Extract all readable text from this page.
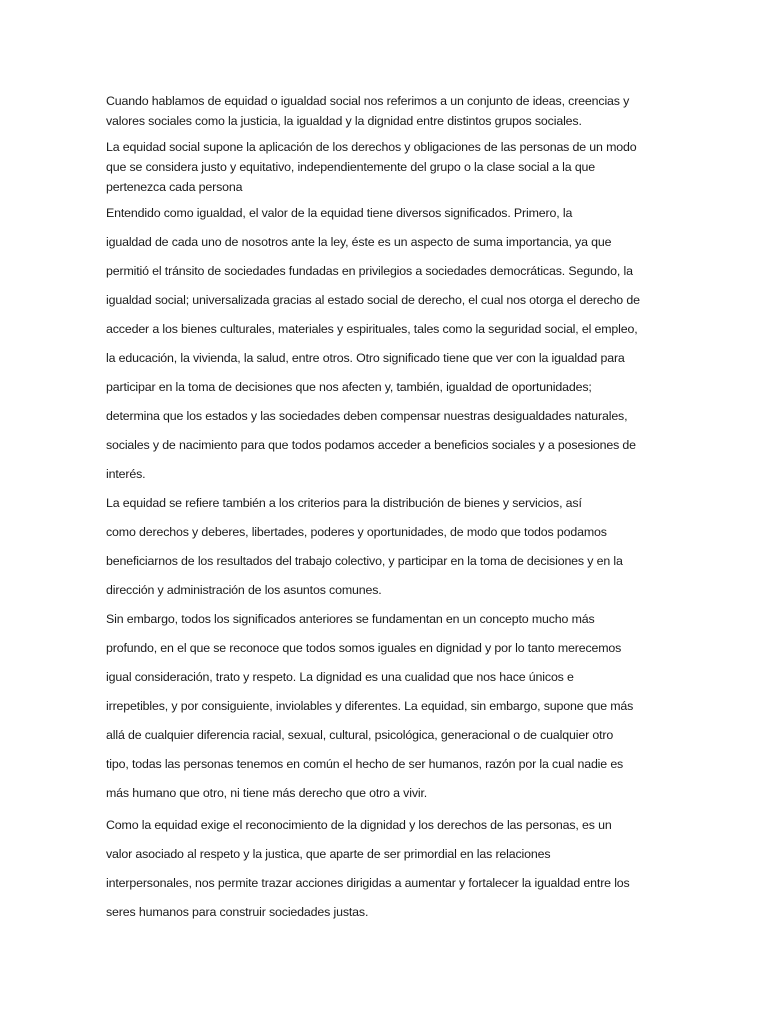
Cuando hablamos de equidad o igualdad social nos referimos a un conjunto de ideas, creencias y
valores sociales como la justicia, la igualdad y la dignidad entre distintos grupos sociales.
La equidad social supone la aplicación de los derechos y obligaciones de las personas de un modo
que se considera justo y equitativo, independientemente del grupo o la clase social a la que
pertenezca cada persona
Entendido como igualdad, el valor de la equidad tiene diversos significados. Primero, la
igualdad de cada uno de nosotros ante la ley, éste es un aspecto de suma importancia, ya que
permitió el tránsito de sociedades fundadas en privilegios a sociedades democráticas. Segundo, la
igualdad social; universalizada gracias al estado social de derecho, el cual nos otorga el derecho de
acceder a los bienes culturales, materiales y espirituales, tales como la seguridad social, el empleo,
la educación, la vivienda, la salud, entre otros. Otro significado tiene que ver con la igualdad para
participar en la toma de decisiones que nos afecten y, también, igualdad de oportunidades;
determina que los estados y las sociedades deben compensar nuestras desigualdades naturales,
sociales y de nacimiento para que todos podamos acceder a beneficios sociales y a posesiones de
interés.
La equidad se refiere también a los criterios para la distribución de bienes y servicios, así
como derechos y deberes, libertades, poderes y oportunidades, de modo que todos podamos
beneficiarnos de los resultados del trabajo colectivo, y participar en la toma de decisiones y en la
dirección y administración de los asuntos comunes.
Sin embargo, todos los significados anteriores se fundamentan en un concepto mucho más
profundo, en el que se reconoce que todos somos iguales en dignidad y por lo tanto merecemos
igual consideración, trato y respeto. La dignidad es una cualidad que nos hace únicos e
irrepetibles, y por consiguiente, inviolables y diferentes. La equidad, sin embargo, supone que más
allá de cualquier diferencia racial, sexual, cultural, psicológica, generacional o de cualquier otro
tipo, todas las personas tenemos en común el hecho de ser humanos, razón por la cual nadie es
más humano que otro, ni tiene más derecho que otro a vivir.
Como la equidad exige el reconocimiento de la dignidad y los derechos de las personas, es un
valor asociado al respeto y la justica, que aparte de ser primordial en las relaciones
interpersonales, nos permite trazar acciones dirigidas a aumentar y fortalecer la igualdad entre los
seres humanos para construir sociedades justas.
